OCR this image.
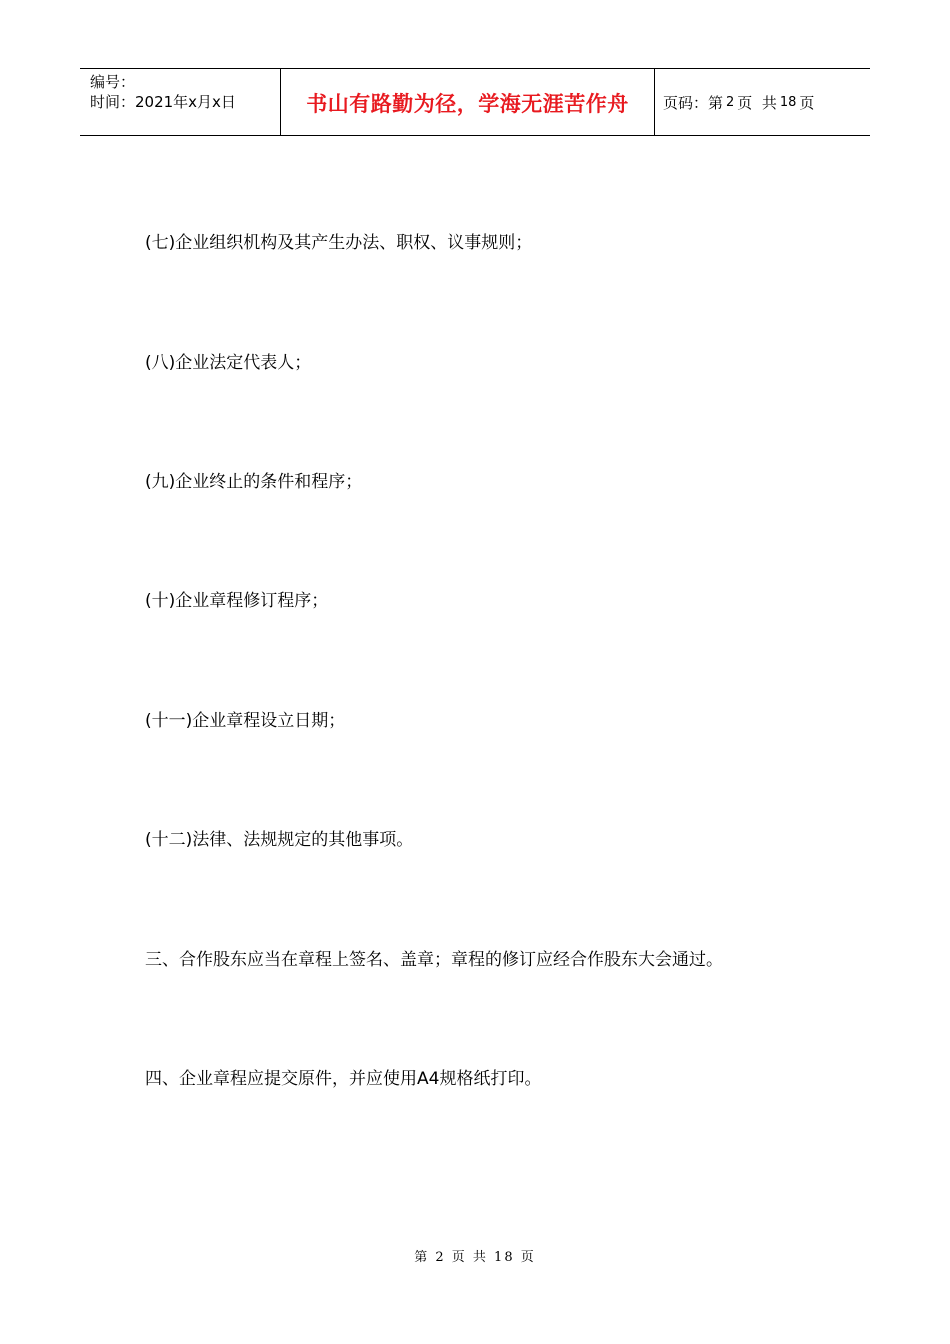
编号：
时间：2021年x月x日	书山有路勤为径，学海无涯苦作舟 页码：第 2 页  共 18 页
(七)企业组织机构及其产生办法、职权、议事规则；
(八)企业法定代表人；
(九)企业终止的条件和程序；
(十)企业章程修订程序；
(十一)企业章程设立日期；
(十二)法律、法规规定的其他事项。
三、合作股东应当在章程上签名、盖章；章程的修订应经合作股东大会通过。
四、企业章程应提交原件，并应使用A4规格纸打印。
第 2 页 共 18 页
